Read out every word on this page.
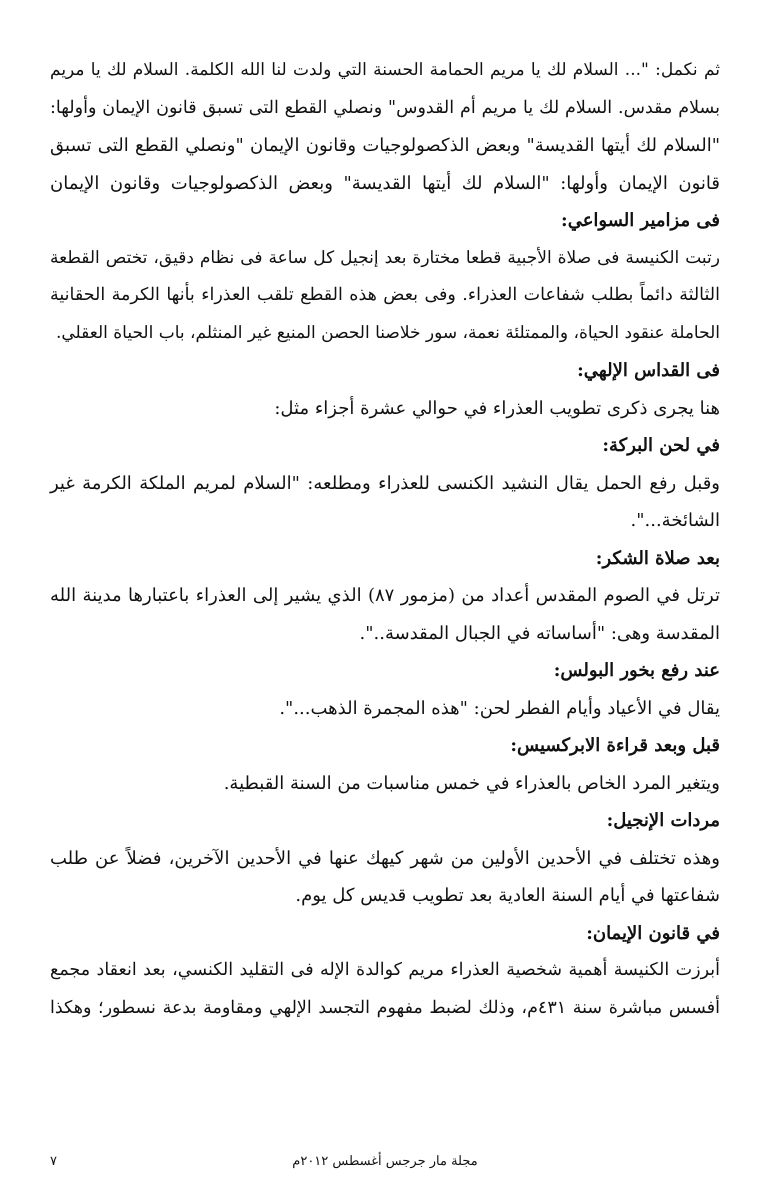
ثم نكمل: "... السلام لك يا مريم الحمامة الحسنة التي ولدت لنا الله الكلمة. السلام لك يا مريم
بسلام مقدس. السلام لك يا مريم أم القدوس" ونصلي القطع التى تسبق قانون الإيمان وأولها:
"السلام لك أيتها القديسة" وبعض الذكصولوجيات وقانون الإيمان "ونصلي القطع التى تسبق
قانون الإيمان وأولها: "السلام لك أيتها القديسة" وبعض الذكصولوجيات وقانون الإيمان
فى مزامير السواعي:
رتبت الكنيسة فى صلاة الأجبية قطعا مختارة بعد إنجيل كل ساعة فى نظام دقيق، تختص القطعة
الثالثة دائماً بطلب شفاعات العذراء. وفى بعض هذه القطع تلقب العذراء بأنها الكرمة الحقانية
الحاملة عنقود الحياة، والممتلئة نعمة، سور خلاصنا الحصن المنيع غير المنثلم، باب الحياة العقلي.
فى القداس الإلهي:
هنا يجرى ذكرى تطويب العذراء في حوالي عشرة أجزاء مثل:
في لحن البركة:
وقبل رفع الحمل يقال النشيد الكنسى للعذراء ومطلعه: "السلام لمريم الملكة الكرمة غير
الشائخة...".
بعد صلاة الشكر:
ترتل في الصوم المقدس أعداد من (مزمور ٨٧) الذي يشير إلى العذراء باعتبارها مدينة الله
المقدسة وهى: "أساساته في الجبال المقدسة..".
عند رفع بخور البولس:
يقال في الأعياد وأيام الفطر لحن: "هذه المجمرة الذهب...".
قبل وبعد قراءة الابركسيس:
ويتغير المرد الخاص بالعذراء في خمس مناسبات من السنة القبطية.
مردات الإنجيل:
وهذه تختلف في الأحدين الأولين من شهر كيهك عنها في الأحدين الآخرين، فضلاً عن طلب
شفاعتها في أيام السنة العادية بعد تطويب قديس كل يوم.
في قانون الإيمان:
أبرزت الكنيسة أهمية شخصية العذراء مريم كوالدة الإله فى التقليد الكنسي، بعد انعقاد مجمع
أفسس مباشرة سنة ٤٣١م، وذلك لضبط مفهوم التجسد الإلهي ومقاومة بدعة نسطور؛ وهكذا
مجلة مار جرجس أغسطس ٢٠١٢م
٧
